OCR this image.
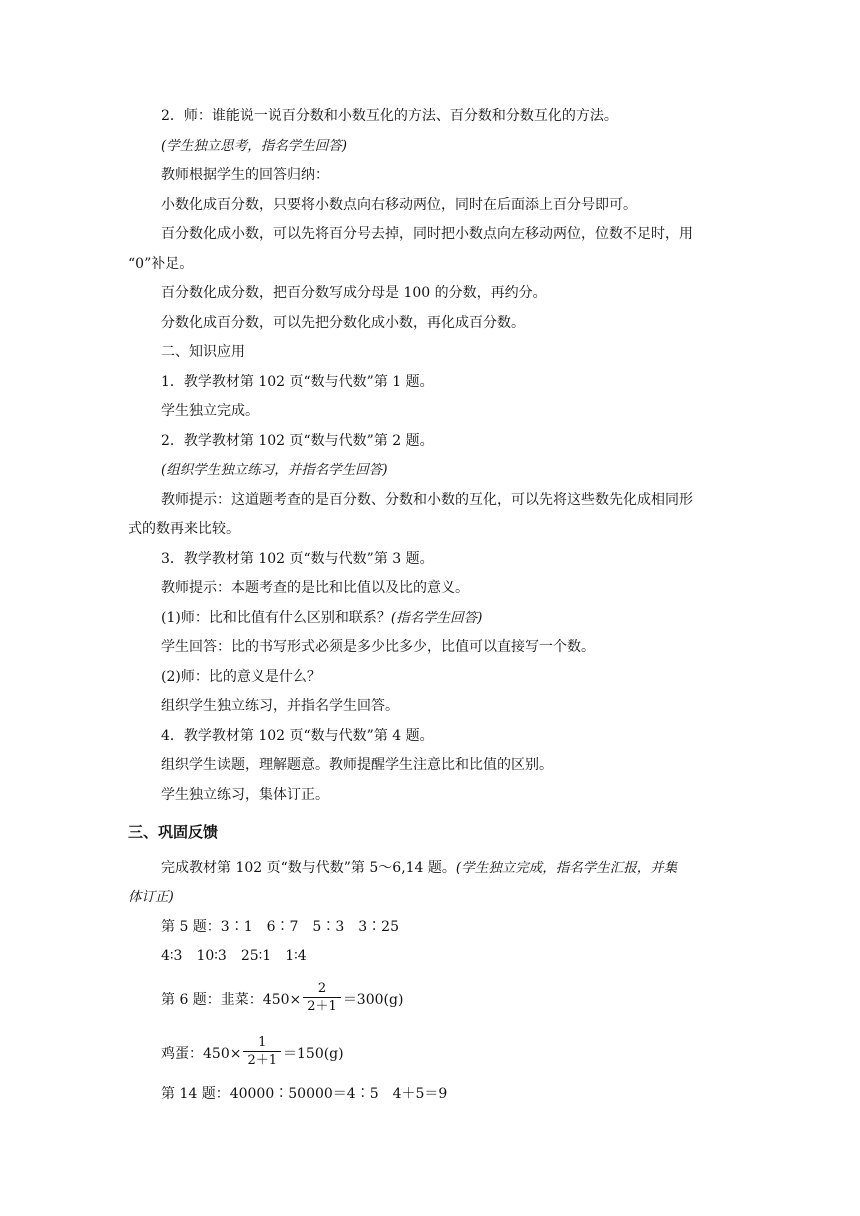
2．师：谁能说一说百分数和小数互化的方法、百分数和分数互化的方法。
(学生独立思考，指名学生回答)
教师根据学生的回答归纳：
小数化成百分数，只要将小数点向右移动两位，同时在后面添上百分号即可。
百分数化成小数，可以先将百分号去掉，同时把小数点向左移动两位，位数不足时，用
“0”补足。
百分数化成分数，把百分数写成分母是 100 的分数，再约分。
分数化成百分数，可以先把分数化成小数，再化成百分数。
二、知识应用
1．教学教材第 102 页“数与代数”第 1 题。
学生独立完成。
2．教学教材第 102 页“数与代数”第 2 题。
(组织学生独立练习，并指名学生回答)
教师提示：这道题考查的是百分数、分数和小数的互化，可以先将这些数先化成相同形
式的数再来比较。
3．教学教材第 102 页“数与代数”第 3 题。
教师提示：本题考查的是比和比值以及比的意义。
(1)师：比和比值有什么区别和联系？(指名学生回答)
学生回答：比的书写形式必须是多少比多少，比值可以直接写一个数。
(2)师：比的意义是什么？
组织学生独立练习，并指名学生回答。
4．教学教材第 102 页“数与代数”第 4 题。
组织学生读题，理解题意。教师提醒学生注意比和比值的区别。
学生独立练习，集体订正。
三、巩固反馈
完成教材第 102 页“数与代数”第 5～6,14 题。(学生独立完成，指名学生汇报，并集
体订正)
第 5 题：3∶1　6∶7　5∶3　3∶25
4∶3　10∶3　25∶1　1∶4
第 6 题：韭菜：$450\times \frac{2}{2+1} =300(g)$
鸡蛋：$450\times \frac{1}{2+1} =150(g)$
第 14 题：40000∶50000＝4∶5　4＋5＝9
